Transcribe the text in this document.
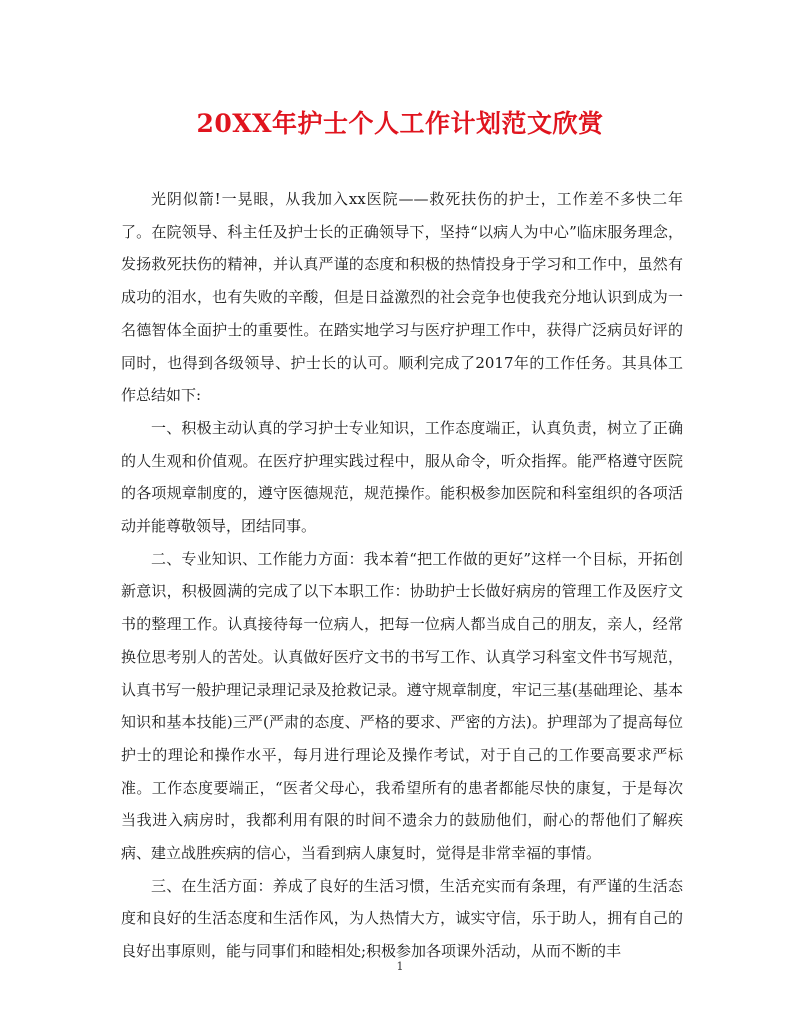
20XX年护士个人工作计划范文欣赏

光阴似箭!一晃眼，从我加入xx医院——救死扶伤的护士，工作差不多快二年了。在院领导、科主任及护士长的正确领导下，坚持“以病人为中心”临床服务理念，发扬救死扶伤的精神，并认真严谨的态度和积极的热情投身于学习和工作中，虽然有成功的泪水，也有失败的辛酸，但是日益激烈的社会竞争也使我充分地认识到成为一名德智体全面护士的重要性。在踏实地学习与医疗护理工作中，获得广泛病员好评的同时，也得到各级领导、护士长的认可。顺利完成了2017年的工作任务。其具体工作总结如下:

一、积极主动认真的学习护士专业知识，工作态度端正，认真负责，树立了正确的人生观和价值观。在医疗护理实践过程中，服从命令，听众指挥。能严格遵守医院的各项规章制度的，遵守医德规范，规范操作。能积极参加医院和科室组织的各项活动并能尊敬领导，团结同事。

二、专业知识、工作能力方面：我本着“把工作做的更好”这样一个目标，开拓创新意识，积极圆满的完成了以下本职工作：协助护士长做好病房的管理工作及医疗文书的整理工作。认真接待每一位病人，把每一位病人都当成自己的朋友，亲人，经常换位思考别人的苦处。认真做好医疗文书的书写工作、认真学习科室文件书写规范，认真书写一般护理记录理记录及抢救记录。遵守规章制度，牢记三基(基础理论、基本知识和基本技能)三严(严肃的态度、严格的要求、严密的方法)。护理部为了提高每位护士的理论和操作水平，每月进行理论及操作考试，对于自己的工作要高要求严标准。工作态度要端正，“医者父母心，我希望所有的患者都能尽快的康复，于是每次当我进入病房时，我都利用有限的时间不遗余力的鼓励他们，耐心的帮他们了解疾病、建立战胜疾病的信心，当看到病人康复时，觉得是非常幸福的事情。

三、在生活方面：养成了良好的生活习惯，生活充实而有条理，有严谨的生活态度和良好的生活态度和生活作风，为人热情大方，诚实守信，乐于助人，拥有自己的良好出事原则，能与同事们和睦相处;积极参加各项课外活动，从而不断的丰

1
